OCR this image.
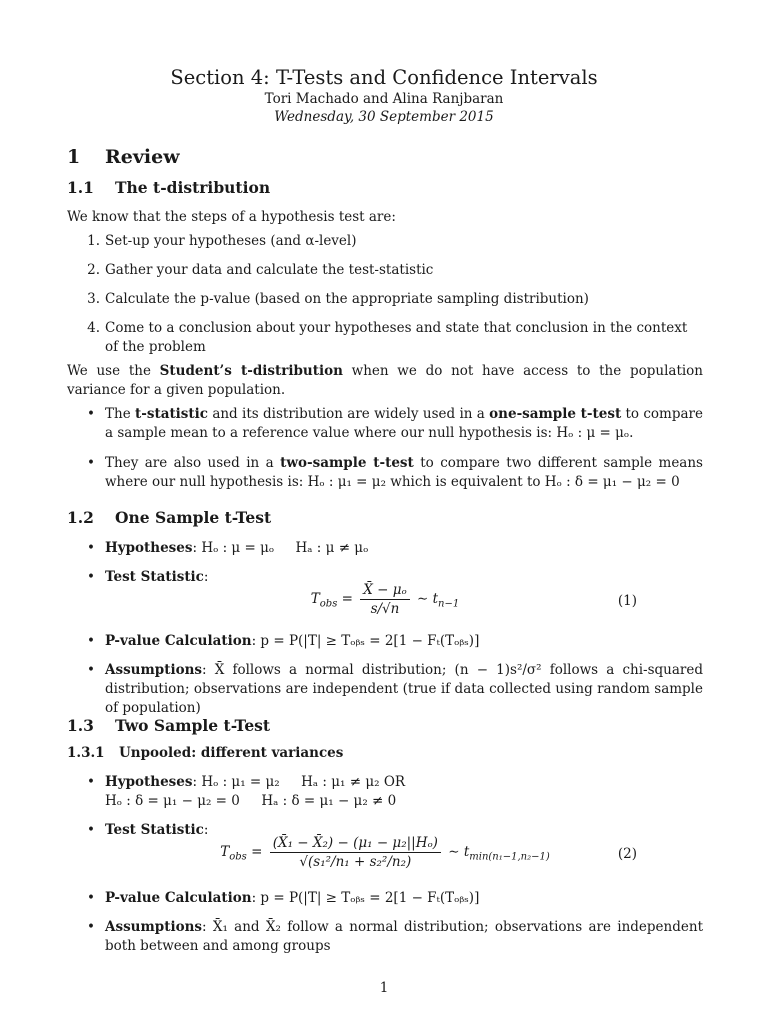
Section 4: T-Tests and Confidence Intervals
Tori Machado and Alina Ranjbaran
Wednesday, 30 September 2015
1 Review
1.1 The t-distribution
We know that the steps of a hypothesis test are:
1. Set-up your hypotheses (and α-level)
2. Gather your data and calculate the test-statistic
3. Calculate the p-value (based on the appropriate sampling distribution)
4. Come to a conclusion about your hypotheses and state that conclusion in the context of the problem
We use the Student’s t-distribution when we do not have access to the population variance for a given population.
• The t-statistic and its distribution are widely used in a one-sample t-test to compare a sample mean to a reference value where our null hypothesis is: Hₒ : μ = μₒ.
• They are also used in a two-sample t-test to compare two different sample means where our null hypothesis is: Hₒ : μ₁ = μ₂ which is equivalent to Hₒ : δ = μ₁ − μ₂ = 0
1.2 One Sample t-Test
• Hypotheses: Hₒ : μ = μₒ     Hₐ : μ ≠ μₒ
• Test Statistic:
$T_{obs} = \frac{\text{X̄ − μₒ}}{s/√n}$ ∼ $t_{n-1}$	(1)
• P-value Calculation: p = P(|T| ≥ Tₒᵦₛ = 2[1 − Fₜ(Tₒᵦₛ)]
• Assumptions: X̄ follows a normal distribution; (n − 1)s²/σ² follows a chi-squared distribution; observations are independent (true if data collected using random sample of population)
1.3 Two Sample t-Test
1.3.1 Unpooled: different variances
• Hypotheses: Hₒ : μ₁ = μ₂     Hₐ : μ₁ ≠ μ₂ OR
Hₒ : δ = μ₁ − μ₂ = 0     Hₐ : δ = μ₁ − μ₂ ≠ 0
• Test Statistic:
$T_{obs} = \frac{\text{(X̄₁ − X̄₂) − (μ₁ − μ₂||Hₒ)}}{\text{√(s₁²/n₁ + s₂²/n₂)}}$ ∼ $t_{min(n_1-1,n_2-1)}$	(2)
• P-value Calculation: p = P(|T| ≥ Tₒᵦₛ = 2[1 − Fₜ(Tₒᵦₛ)]
• Assumptions: X̄₁ and X̄₂ follow a normal distribution; observations are independent both between and among groups
1
